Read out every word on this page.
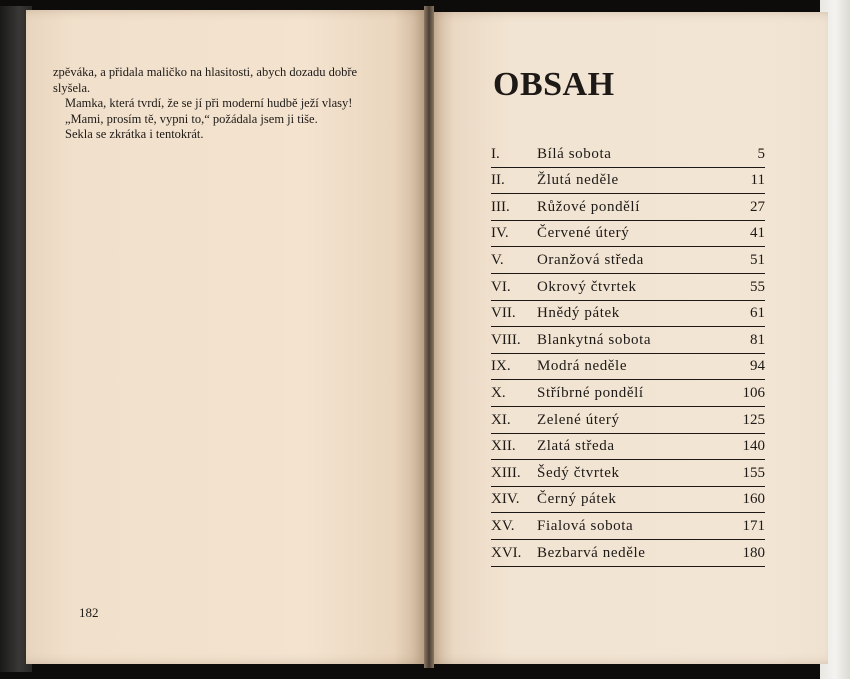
zpěváka, a přidala maličko na hlasitosti, abych dozadu dobře slyšela.

Mamka, která tvrdí, že se jí při moderní hudbě ježí vlasy!

„Mami, prosím tě, vypni to,“ požádala jsem ji tiše.

Sekla se zkrátka i tentokrát.

182
OBSAH
I. Bílá sobota	5
II. Žlutá neděle	11
III. Růžové pondělí	27
IV. Červené úterý	41
V. Oranžová středa	51
VI. Okrový čtvrtek	55
VII. Hnědý pátek	61
VIII. Blankytná sobota	81
IX. Modrá neděle	94
X. Stříbrné pondělí	106
XI. Zelené úterý	125
XII. Zlatá středa	140
XIII. Šedý čtvrtek	155
XIV. Černý pátek	160
XV. Fialová sobota	171
XVI. Bezbarvá neděle	180
